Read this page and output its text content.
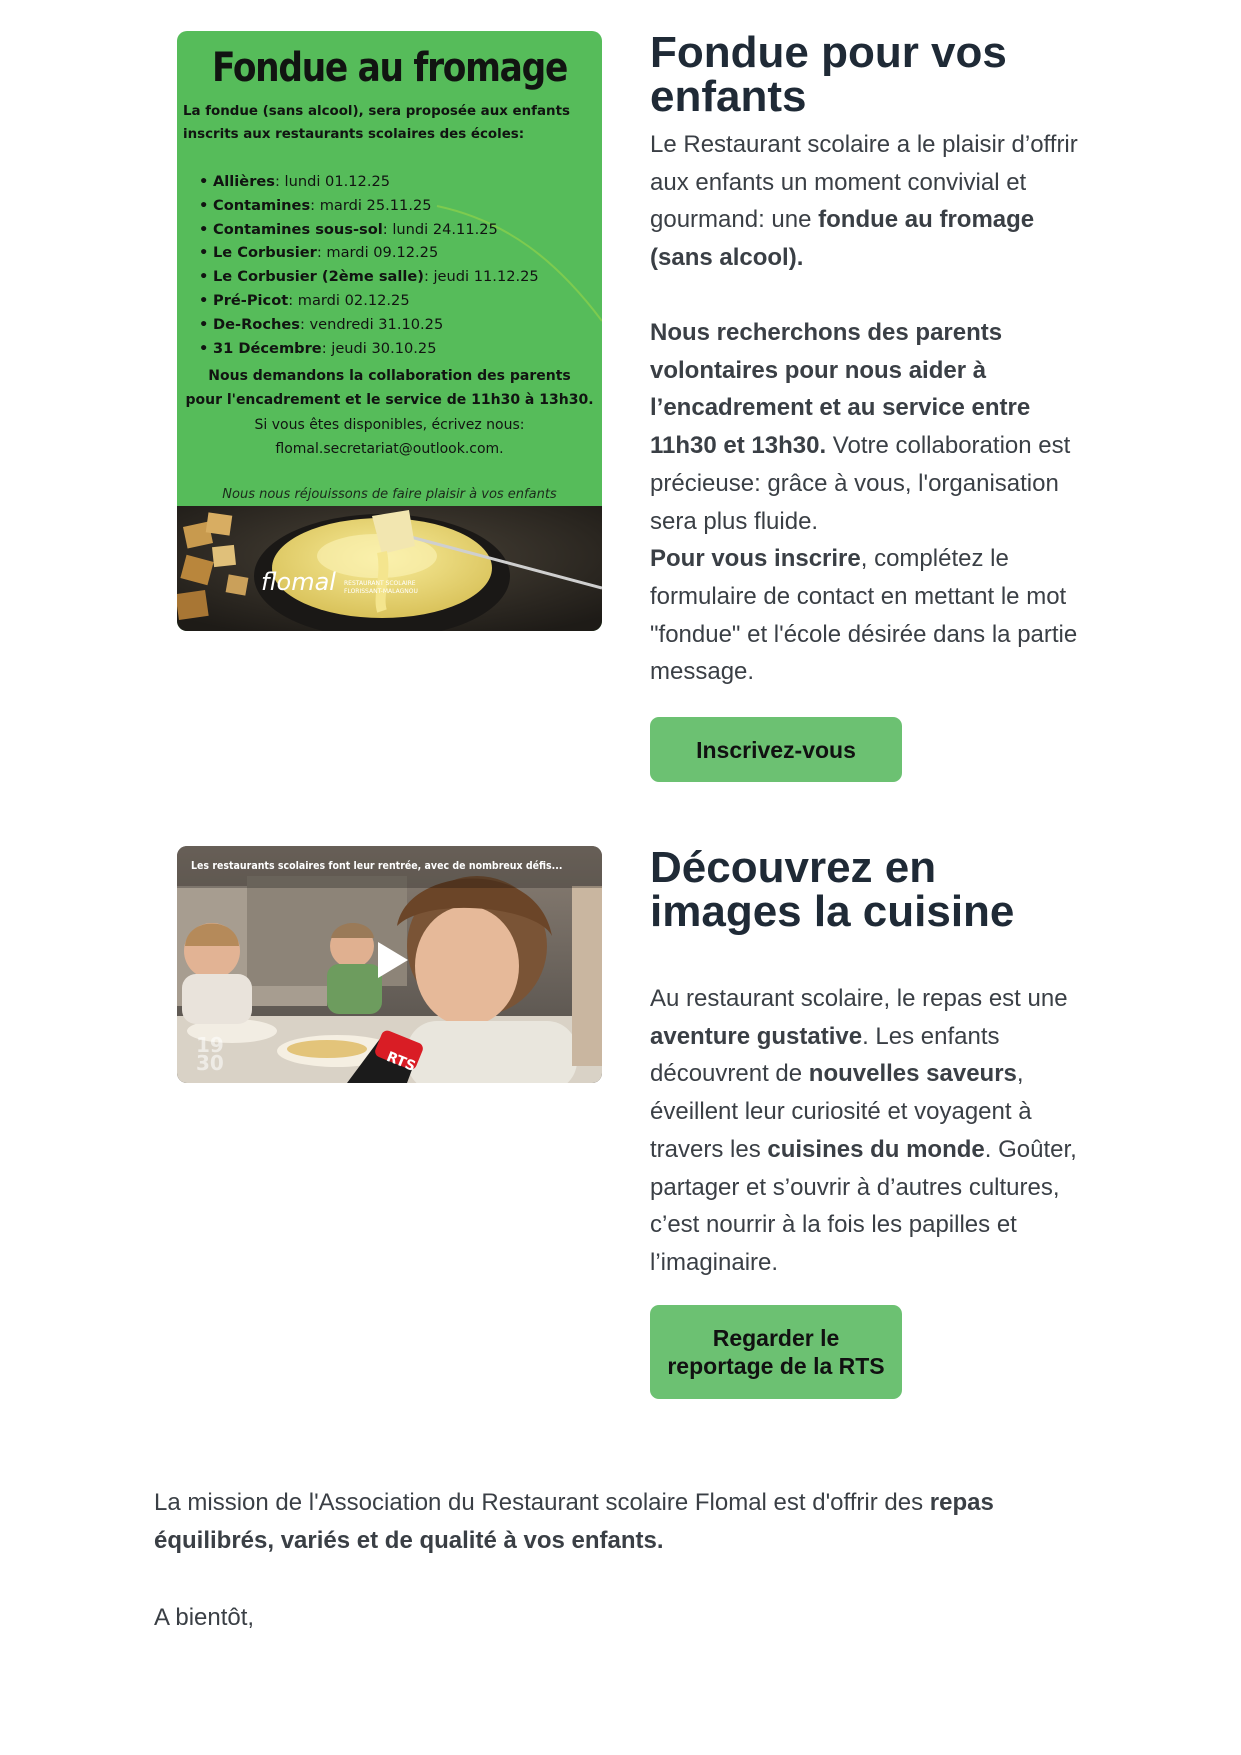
Fondue au fromage
La fondue (sans alcool), sera proposée aux enfants inscrits aux restaurants scolaires des écoles:
• Allières: lundi 01.12.25
• Contamines: mardi 25.11.25
• Contamines sous-sol: lundi 24.11.25
• Le Corbusier: mardi 09.12.25
• Le Corbusier (2ème salle): jeudi 11.12.25
• Pré-Picot: mardi 02.12.25
• De-Roches: vendredi 31.10.25
• 31 Décembre: jeudi 30.10.25
Nous demandons la collaboration des parents
pour l'encadrement et le service de 11h30 à 13h30.
Si vous êtes disponibles, écrivez nous:
flomal.secretariat@outlook.com.
Nous nous réjouissons de faire plaisir à vos enfants
flomal RESTAURANT SCOLAIRE
FLORISSANT-MALAGNOU
Fondue pour vos
enfants

Le Restaurant scolaire a le plaisir d’offrir aux enfants un moment convivial et gourmand: une fondue au fromage (sans alcool).

Nous recherchons des parents volontaires pour nous aider à l’encadrement et au service entre 11h30 et 13h30. Votre collaboration est précieuse: grâce à vous, l'organisation sera plus fluide.
Pour vous inscrire, complétez le formulaire de contact en mettant le mot "fondue" et l'école désirée dans la partie message.

Inscrivez-vous
Les restaurants scolaires font leur rentrée, avec de nombreux défis...
19
30	RTS
Découvrez en
images la cuisine

Au restaurant scolaire, le repas est une aventure gustative. Les enfants découvrent de nouvelles saveurs, éveillent leur curiosité et voyagent à travers les cuisines du monde. Goûter, partager et s’ouvrir à d’autres cultures, c’est nourrir à la fois les papilles et l’imaginaire.

Regarder le
reportage de la RTS

La mission de l'Association du Restaurant scolaire Flomal est d'offrir des repas équilibrés, variés et de qualité à vos enfants.

A bientôt,
